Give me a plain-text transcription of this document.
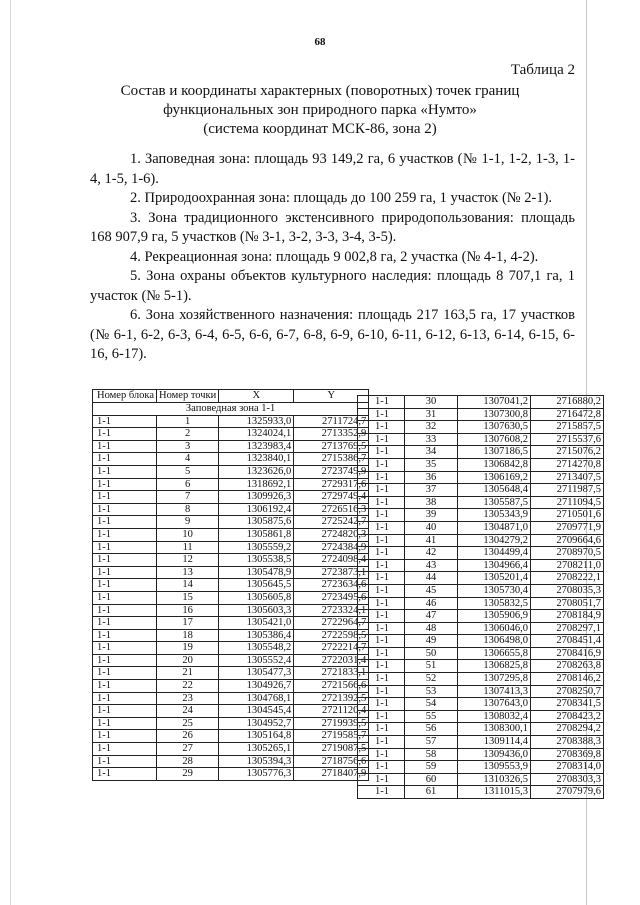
68
Таблица 2
Состав и координаты характерных (поворотных) точек границ
функциональных зон природного парка «Нумто»
(система координат МСК-86, зона 2)

1. Заповедная зона: площадь 93 149,2 га, 6 участков (№ 1-1, 1-2, 1-3, 1-4, 1-5, 1-6).

2. Природоохранная зона: площадь до 100 259 га, 1 участок (№ 2-1).

3. Зона традиционного экстенсивного природопользования: площадь 168 907,9 га, 5 участков (№ 3-1, 3-2, 3-3, 3-4, 3-5).

4. Рекреационная зона: площадь 9 002,8 га, 2 участка (№ 4-1, 4-2).

5. Зона охраны объектов культурного наследия: площадь 8 707,1 га, 1 участок (№ 5-1).

6. Зона хозяйственного назначения: площадь 217 163,5 га, 17 участков (№ 6-1, 6-2, 6-3, 6-4, 6-5, 6-6, 6-7, 6-8, 6-9, 6-10, 6-11, 6-12, 6-13, 6-14, 6-15, 6-16, 6-17).

Номер блока	Номер точки	X	Y
Заповедная зона 1-1			
1-1	1	1325933,0	2711724,7
1-1	2	1324024,1	2713352,9
1-1	3	1323983,4	2713769,5
1-1	4	1323840,1	2715386,7
1-1	5	1323626,0	2723749,9
1-1	6	1318692,1	2729317,6
1-1	7	1309926,3	2729749,4
1-1	8	1306192,4	2726516,3
1-1	9	1305875,6	2725242,7
1-1	10	1305861,8	2724820,3
1-1	11	1305559,2	2724384,9
1-1	12	1305538,5	2724098,4
1-1	13	1305478,9	2723873,1
1-1	14	1305645,5	2723634,6
1-1	15	1305605,8	2723495,6
1-1	16	1305603,3	2723324,1
1-1	17	1305421,0	2722964,7
1-1	18	1305386,4	2722598,5
1-1	19	1305548,2	2722214,7
1-1	20	1305552,4	2722031,4
1-1	21	1305477,3	2721833,1
1-1	22	1304926,7	2721566,6
1-1	23	1304768,1	2721392,5
1-1	24	1304545,4	2721120,4
1-1	25	1304952,7	2719939,5
1-1	26	1305164,8	2719585,7
1-1	27	1305265,1	2719087,5
1-1	28	1305394,3	2718756,6
1-1	29	1305776,3	2718407,9
1-1	30	1307041,2	2716880,2
1-1	31	1307300,8	2716472,8
1-1	32	1307630,5	2715857,5
1-1	33	1307608,2	2715537,6
1-1	34	1307186,5	2715076,2
1-1	35	1306842,8	2714270,8
1-1	36	1306169,2	2713407,5
1-1	37	1305648,4	2711987,5
1-1	38	1305587,5	2711094,5
1-1	39	1305343,9	2710501,6
1-1	40	1304871,0	2709771,9
1-1	41	1304279,2	2709664,6
1-1	42	1304499,4	2708970,5
1-1	43	1304966,4	2708211,0
1-1	44	1305201,4	2708222,1
1-1	45	1305730,4	2708035,3
1-1	46	1305832,5	2708051,7
1-1	47	1305906,9	2708184,9
1-1	48	1306046,0	2708297,1
1-1	49	1306498,0	2708451,4
1-1	50	1306655,8	2708416,9
1-1	51	1306825,8	2708263,8
1-1	52	1307295,8	2708146,2
1-1	53	1307413,3	2708250,7
1-1	54	1307643,0	2708341,5
1-1	55	1308032,4	2708423,2
1-1	56	1308300,1	2708294,2
1-1	57	1309114,4	2708388,3
1-1	58	1309436,0	2708369,8
1-1	59	1309553,9	2708314,0
1-1	60	1310326,5	2708303,3
1-1	61	1311015,3	2707979,6
